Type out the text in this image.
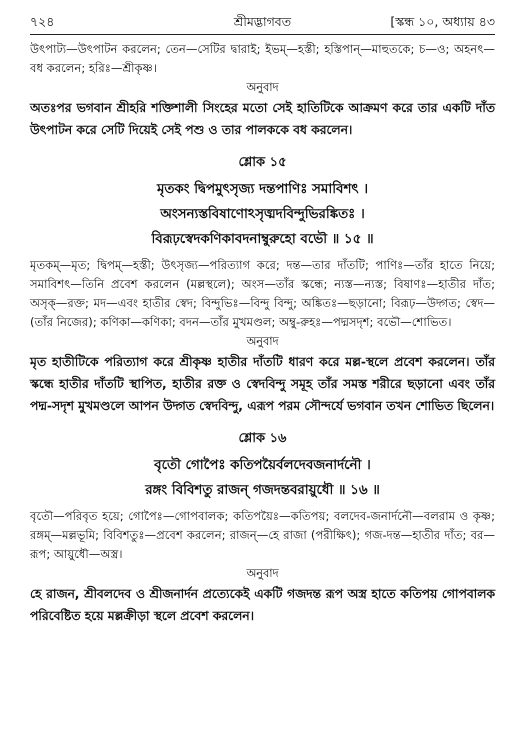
৭২৪	শ্রীমদ্ভাগবত	[স্কন্ধ ১০, অধ্যায় ৪৩

উৎপাট্য—উৎপাটন করলেন; তেন—সেটির দ্বারাই; ইভম্—হস্তী; হস্তিপান্—মাহুতকে; চ—ও; অহনৎ—বধ করলেন; হরিঃ—শ্রীকৃষ্ণ।

অনুবাদ

অতঃপর ভগবান শ্রীহরি শক্তিশালী সিংহের মতো সেই হাতিটিকে আক্রমণ করে তার একটি দাঁত উৎপাটন করে সেটি দিয়েই সেই পশু ও তার পালককে বধ করলেন।

শ্লোক ১৫

মৃতকং দ্বিপমুৎসৃজ্য দন্তপাণিঃ সমাবিশৎ ।

অংসন্যস্তবিষাণোঽসৃঙ্মদবিন্দুভিরঙ্কিতঃ ।

বিরূঢ়স্বেদকণিকাবদনাম্বুরুহো বভৌ ॥ ১৫ ॥

মৃতকম্—মৃত; দ্বিপম্—হস্তী; উৎসৃজ্য—পরিত্যাগ করে; দন্ত—তার দাঁতটি; পাণিঃ—তাঁর হাতে নিয়ে; সমাবিশৎ—তিনি প্রবেশ করলেন (মল্লস্থলে); অংস—তাঁর স্কন্ধে; ন্যস্ত—ন্যস্ত; বিষাণঃ—হাতীর দাঁত; অসৃক্—রক্ত; মদ—এবং হাতীর স্বেদ; বিন্দুভিঃ—বিন্দু বিন্দু; অঙ্কিতঃ—ছড়ানো; বিরূঢ়—উদ্গত; স্বেদ—(তাঁর নিজের); কণিকা—কণিকা; বদন—তাঁর মুখমণ্ডল; অম্বু-রুহঃ—পদ্মসদৃশ; বভৌ—শোভিত।

অনুবাদ

মৃত হাতীটিকে পরিত্যাগ করে শ্রীকৃষ্ণ হাতীর দাঁতটি ধারণ করে মল্ল-স্থলে প্রবেশ করলেন। তাঁর স্কন্ধে হাতীর দাঁতটি স্থাপিত, হাতীর রক্ত ও স্বেদবিন্দু সমূহ তাঁর সমস্ত শরীরে ছড়ানো এবং তাঁর পদ্ম-সদৃশ মুখমণ্ডলে আপন উদ্গত স্বেদবিন্দু, এরূপ পরম সৌন্দর্যে ভগবান তখন শোভিত ছিলেন।

শ্লোক ১৬

বৃতৌ গোপৈঃ কতিপয়ৈর্বলদেবজনার্দনৌ ।

রঙ্গং বিবিশতু রাজন্ গজদন্তবরায়ুধৌ ॥ ১৬ ॥

বৃতৌ—পরিবৃত হয়ে; গোপৈঃ—গোপবালক; কতিপয়ৈঃ—কতিপয়; বলদেব-জনার্দনৌ—বলরাম ও কৃষ্ণ; রঙ্গম্—মল্লভূমি; বিবিশতুঃ—প্রবেশ করলেন; রাজন্—হে রাজা (পরীক্ষিৎ); গজ-দন্ত—হাতীর দাঁত; বর—রূপ; আয়ুধৌ—অস্ত্র।

অনুবাদ

হে রাজন, শ্রীবলদেব ও শ্রীজনার্দন প্রত্যেকেই একটি গজদন্ত রূপ অস্ত্র হাতে কতিপয় গোপবালক পরিবেষ্টিত হয়ে মল্লক্রীড়া স্থলে প্রবেশ করলেন।
